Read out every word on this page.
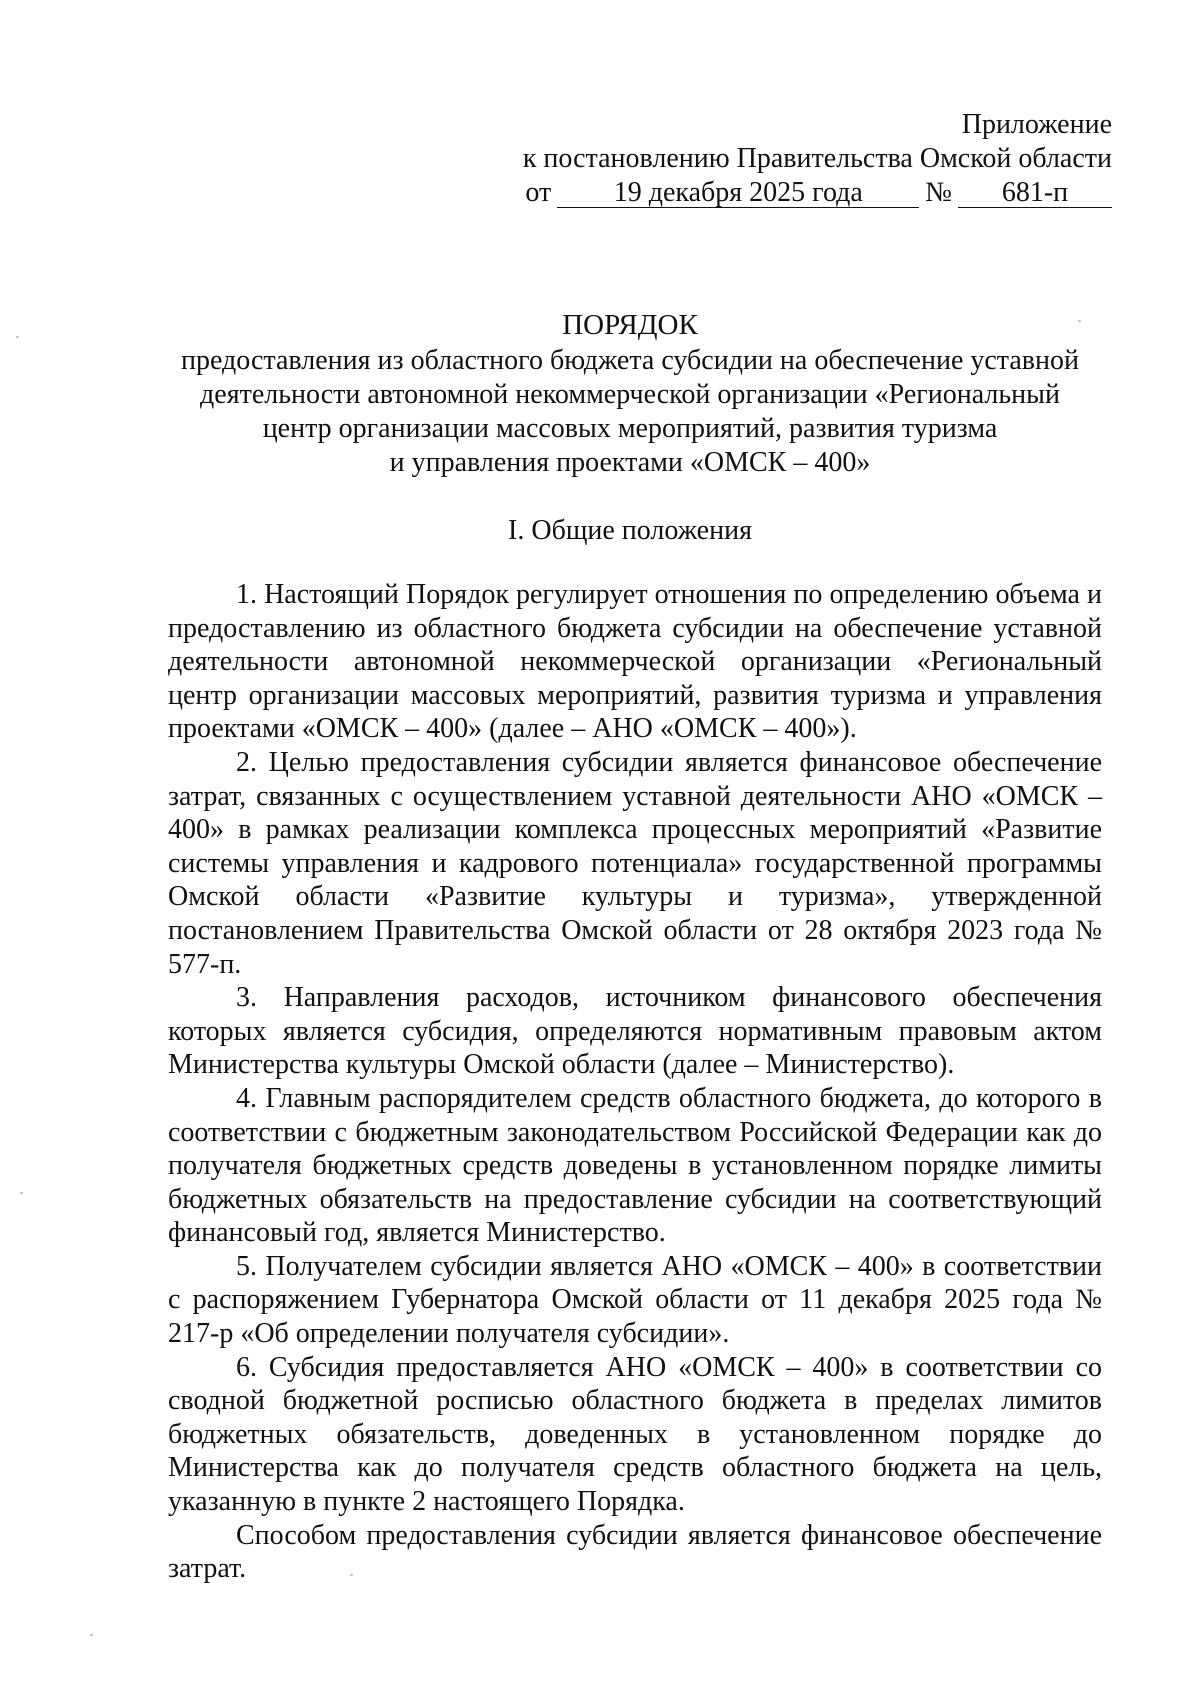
Приложение
к постановлению Правительства Омской области
от	19 декабря 2025 года	№	681-п
ПОРЯДОК
предоставления из областного бюджета субсидии на обеспечение уставной
деятельности автономной некоммерческой организации «Региональный
центр организации массовых мероприятий, развития туризма
и управления проектами «ОМСК – 400»
I. Общие положения

1. Настоящий Порядок регулирует отношения по определению объема и предоставлению из областного бюджета субсидии на обеспечение уставной деятельности автономной некоммерческой организации «Региональный центр организации массовых мероприятий, развития туризма и управления проектами «ОМСК – 400» (далее – АНО «ОМСК – 400»).

2. Целью предоставления субсидии является финансовое обеспечение затрат, связанных с осуществлением уставной деятельности АНО «ОМСК – 400» в рамках реализации комплекса процессных мероприятий «Развитие системы управления и кадрового потенциала» государственной программы Омской области «Развитие культуры и туризма», утвержденной постановлением Правительства Омской области от 28 октября 2023 года № 577-п.

3. Направления расходов, источником финансового обеспечения которых является субсидия, определяются нормативным правовым актом Министерства культуры Омской области (далее – Министерство).

4. Главным распорядителем средств областного бюджета, до которого в соответствии с бюджетным законодательством Российской Федерации как до получателя бюджетных средств доведены в установленном порядке лимиты бюджетных обязательств на предоставление субсидии на соответствующий финансовый год, является Министерство.

5. Получателем субсидии является АНО «ОМСК – 400» в соответствии с распоряжением Губернатора Омской области от 11 декабря 2025 года № 217-р «Об определении получателя субсидии».

6. Субсидия предоставляется АНО «ОМСК – 400» в соответствии со сводной бюджетной росписью областного бюджета в пределах лимитов бюджетных обязательств, доведенных в установленном порядке до Министерства как до получателя средств областного бюджета на цель, указанную в пункте 2 настоящего Порядка.

Способом предоставления субсидии является финансовое обеспечение затрат.
